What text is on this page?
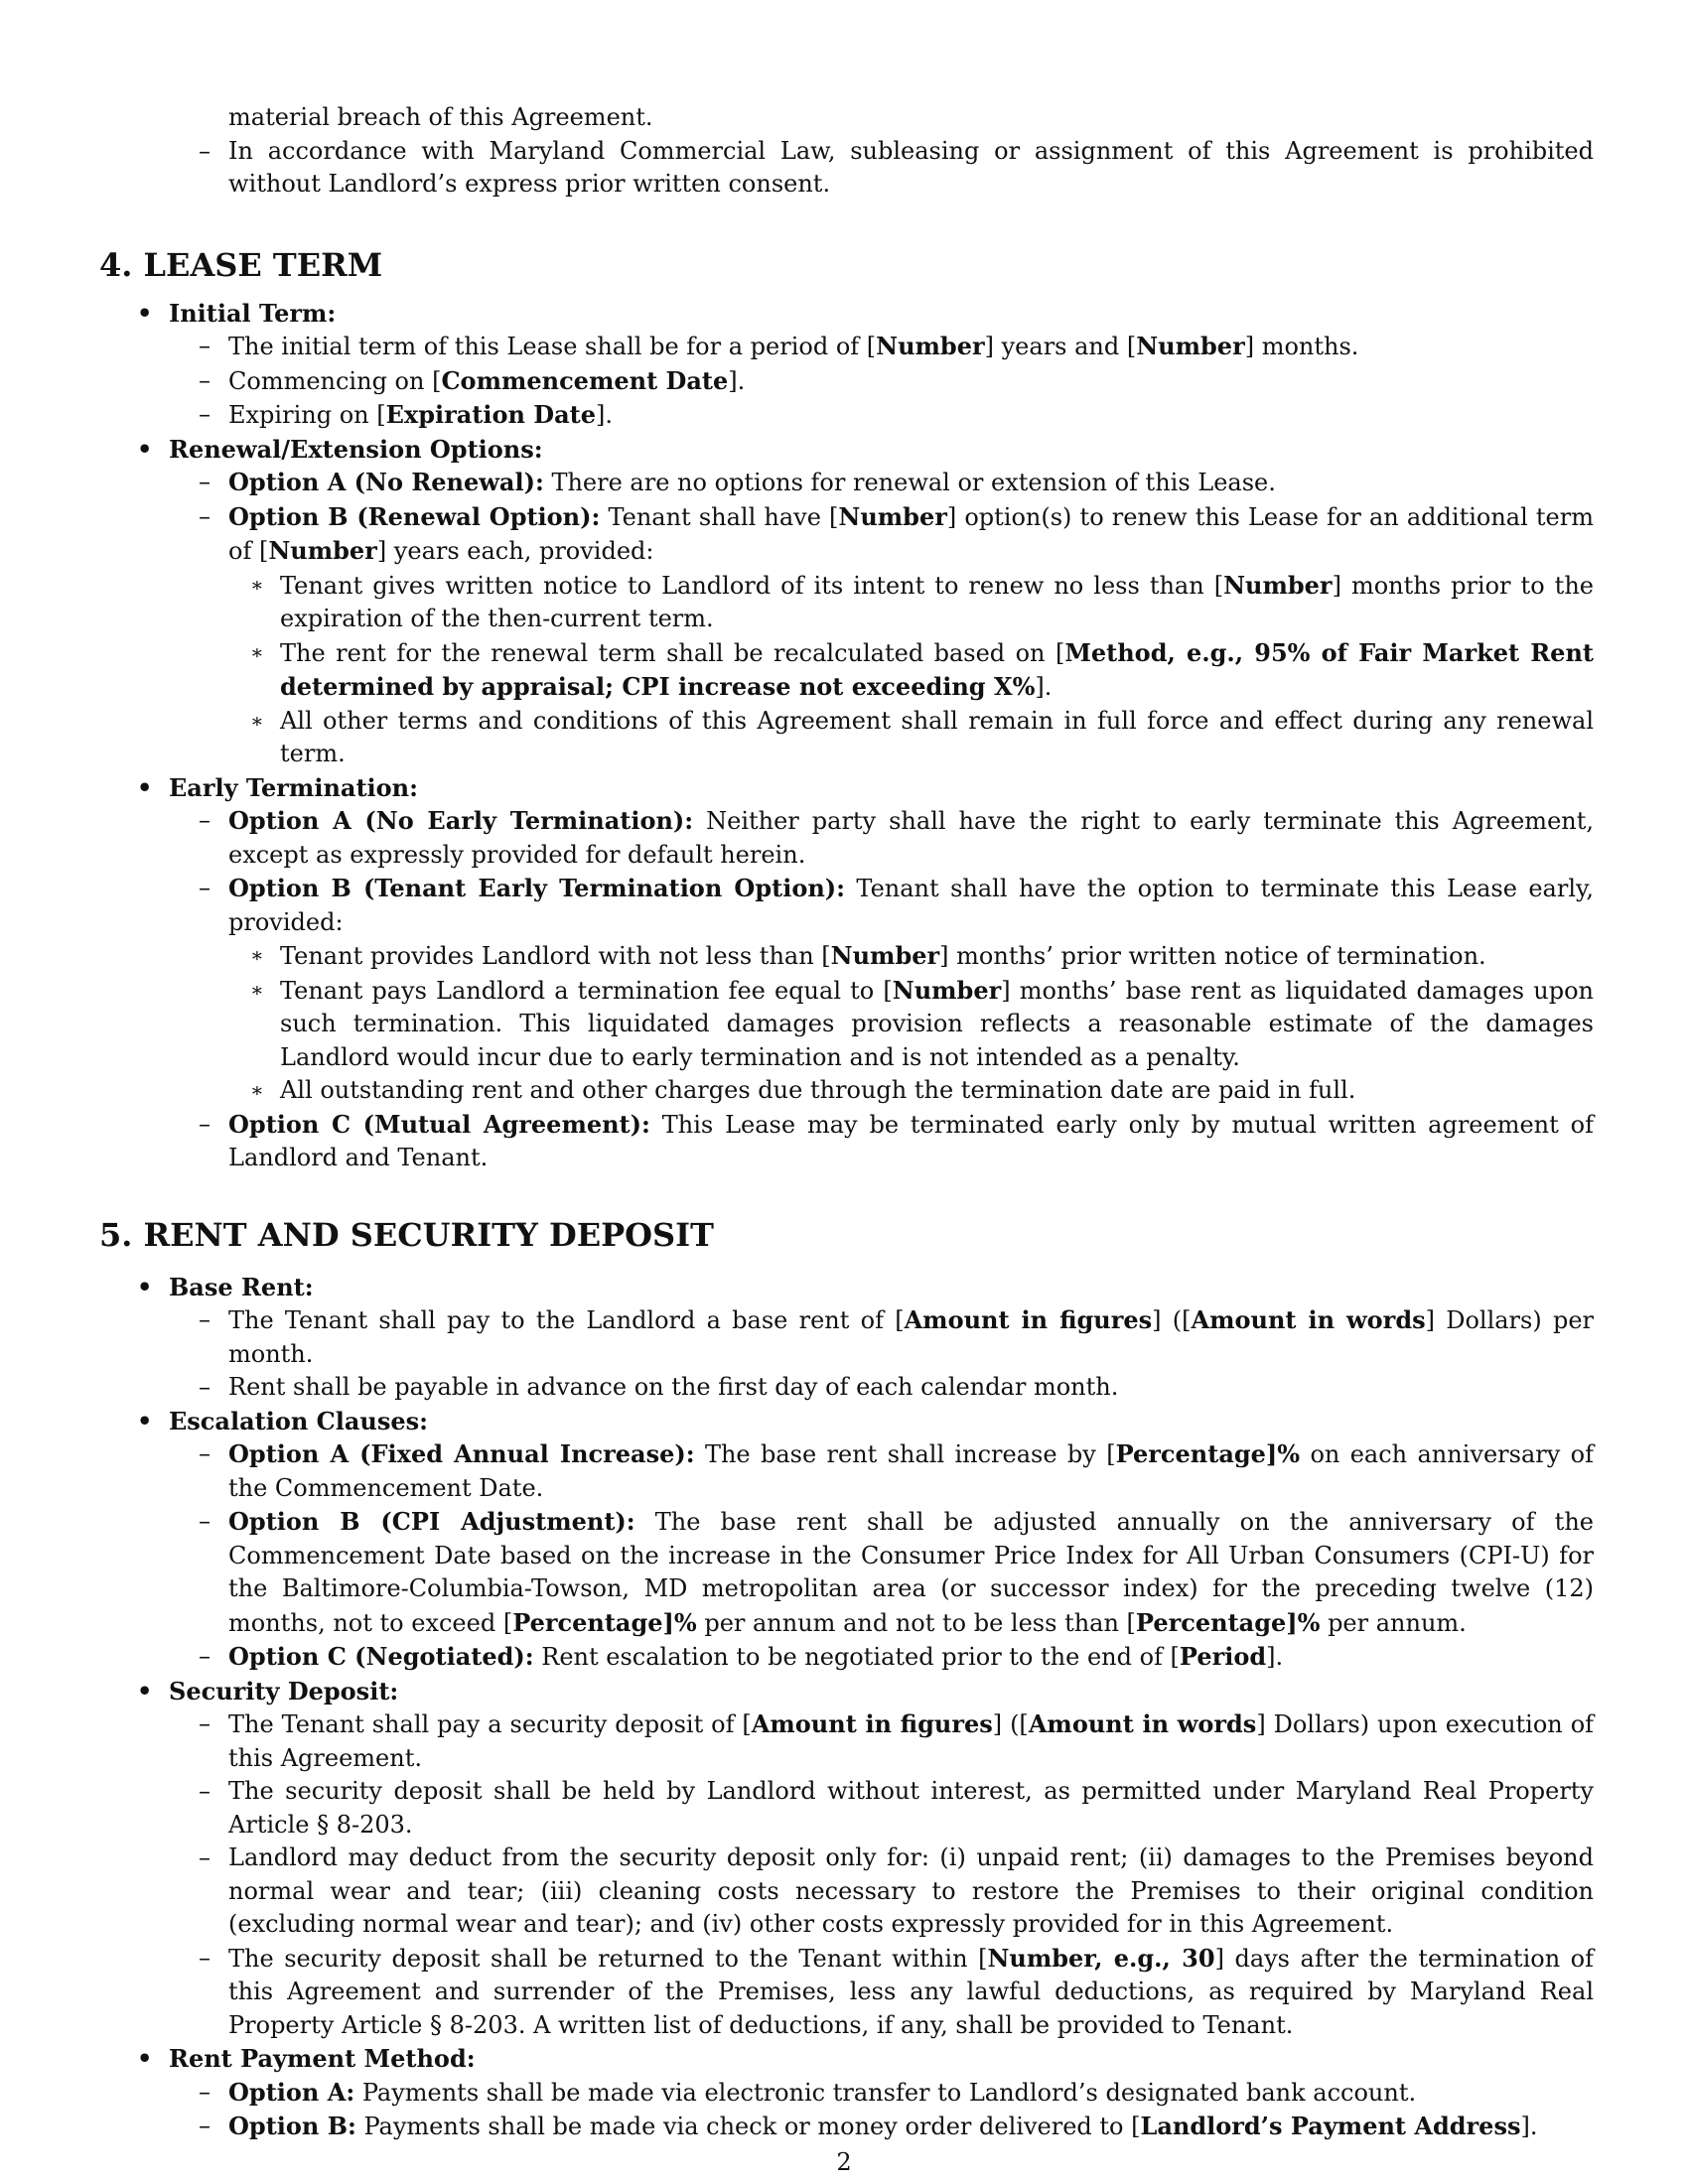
material breach of this Agreement.
– In accordance with Maryland Commercial Law, subleasing or assignment of this Agreement is prohibited without Landlord’s express prior written consent.
4. LEASE TERM
• Initial Term:
– The initial term of this Lease shall be for a period of [Number] years and [Number] months.
– Commencing on [Commencement Date].
– Expiring on [Expiration Date].
• Renewal/Extension Options:
– Option A (No Renewal): There are no options for renewal or extension of this Lease.
– Option B (Renewal Option): Tenant shall have [Number] option(s) to renew this Lease for an additional term of [Number] years each, provided:
∗ Tenant gives written notice to Landlord of its intent to renew no less than [Number] months prior to the expiration of the then-current term.
∗ The rent for the renewal term shall be recalculated based on [Method, e.g., 95% of Fair Market Rent determined by appraisal; CPI increase not exceeding X%].
∗ All other terms and conditions of this Agreement shall remain in full force and effect during any renewal term.
• Early Termination:
– Option A (No Early Termination): Neither party shall have the right to early terminate this Agreement, except as expressly provided for default herein.
– Option B (Tenant Early Termination Option): Tenant shall have the option to terminate this Lease early, provided:
∗ Tenant provides Landlord with not less than [Number] months’ prior written notice of termination.
∗ Tenant pays Landlord a termination fee equal to [Number] months’ base rent as liquidated damages upon such termination. This liquidated damages provision reflects a reasonable estimate of the damages Landlord would incur due to early termination and is not intended as a penalty.
∗ All outstanding rent and other charges due through the termination date are paid in full.
– Option C (Mutual Agreement): This Lease may be terminated early only by mutual written agreement of Landlord and Tenant.
5. RENT AND SECURITY DEPOSIT
• Base Rent:
– The Tenant shall pay to the Landlord a base rent of [Amount in figures] ([Amount in words] Dollars) per month.
– Rent shall be payable in advance on the first day of each calendar month.
• Escalation Clauses:
– Option A (Fixed Annual Increase): The base rent shall increase by [Percentage]% on each anniversary of the Commencement Date.
– Option B (CPI Adjustment): The base rent shall be adjusted annually on the anniversary of the Commencement Date based on the increase in the Consumer Price Index for All Urban Consumers (CPI-U) for the Baltimore-Columbia-Towson, MD metropolitan area (or successor index) for the preceding twelve (12) months, not to exceed [Percentage]% per annum and not to be less than [Percentage]% per annum.
– Option C (Negotiated): Rent escalation to be negotiated prior to the end of [Period].
• Security Deposit:
– The Tenant shall pay a security deposit of [Amount in figures] ([Amount in words] Dollars) upon execution of this Agreement.
– The security deposit shall be held by Landlord without interest, as permitted under Maryland Real Property Article § 8-203.
– Landlord may deduct from the security deposit only for: (i) unpaid rent; (ii) damages to the Premises beyond normal wear and tear; (iii) cleaning costs necessary to restore the Premises to their original condition (excluding normal wear and tear); and (iv) other costs expressly provided for in this Agreement.
– The security deposit shall be returned to the Tenant within [Number, e.g., 30] days after the termination of this Agreement and surrender of the Premises, less any lawful deductions, as required by Maryland Real Property Article § 8-203. A written list of deductions, if any, shall be provided to Tenant.
• Rent Payment Method:
– Option A: Payments shall be made via electronic transfer to Landlord’s designated bank account.
– Option B: Payments shall be made via check or money order delivered to [Landlord’s Payment Address].
2
